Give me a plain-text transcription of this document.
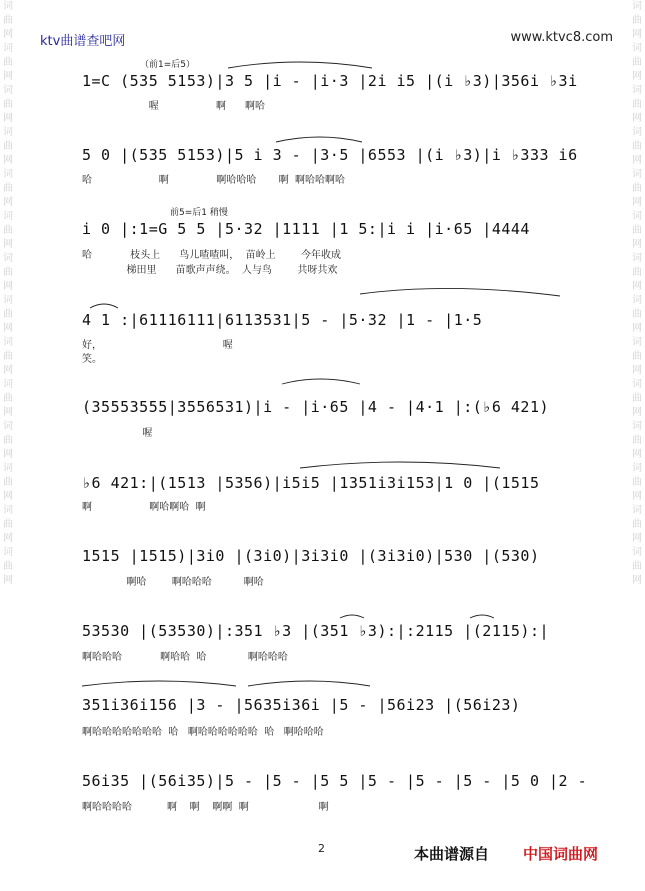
ktv曲谱查吧网	www.ktvc8.com
词曲网词曲网词曲网词曲网词曲网词曲网词曲网词曲网词曲网词曲网词曲网词曲网词曲网词曲网
词曲网词曲网词曲网词曲网词曲网词曲网词曲网词曲网词曲网词曲网词曲网词曲网词曲网词曲网
（前1=后5）
前5=后1 稍慢
1=C (535 5153)|3 5 |i - |i·3 |2i i5 |(i ♭3)|356i ♭3i
喔                  啊      啊哈
5 0 |(535 5153)|5 i 3 - |3·5 |6553 |(i ♭3)|i ♭333 i6
哈                     啊               啊哈哈哈       啊  啊哈哈啊哈
i 0 |:1=G 5 5 |5·32 |1111 |1 5:|i i |i·65 |4444
哈            枝头上      鸟儿喳喳叫，  苗岭上        今年收成
梯田里      苗歌声声绕。  人与鸟        共呀共欢
4 1 :|61116111|6113531|5 - |5·32 |1 - |1·5
好，                                      喔
笑。
(35553555|3556531)|i - |i·65 |4 - |4·1 |:(♭6 421)
喔
♭6 421:|(1513 |5356)|i5i5 |1351i3i153|1 0 |(1515
啊                  啊哈啊哈  啊
1515 |1515)|3i0 |(3i0)|3i3i0 |(3i3i0)|530 |(530)
啊哈        啊哈哈哈          啊哈
53530 |(53530)|:351 ♭3 |(351 ♭3):|:2115 |(2115):|
啊哈哈哈            啊哈哈  哈             啊哈哈哈
351i36i156 |3 - |5635i36i |5 - |56i23 |(56i23)
啊哈哈哈哈哈哈哈  哈   啊哈哈哈哈哈哈  哈   啊哈哈哈
56i35 |(56i35)|5 - |5 - |5 5 |5 - |5 - |5 - |5 0 |2 -
啊哈哈哈哈           啊    啊    啊啊  啊                      啊
2	本曲谱源自 中国词曲网
